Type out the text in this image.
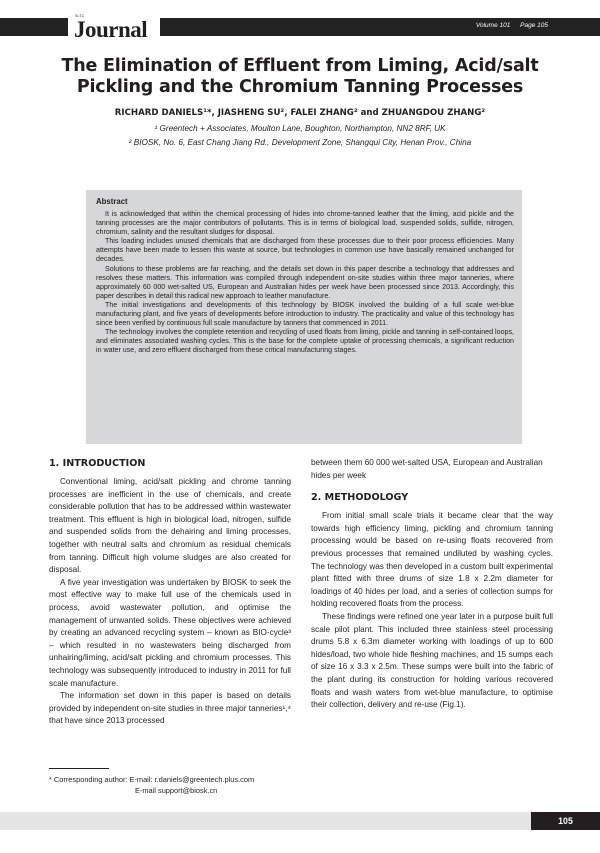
SLTC
Journal	Volume 101 Page 105
The Elimination of Effluent from Liming, Acid/salt Pickling and the Chromium Tanning Processes
RICHARD DANIELS¹*, JIASHENG SU², FALEI ZHANG² and ZHUANGDOU ZHANG²
¹ Greentech + Associates, Moulton Lane, Boughton, Northampton, NN2 8RF, UK
² BIOSK, No. 6, East Chang Jiang Rd., Development Zone, Shangqui City, Henan Prov., China
Abstract

It is acknowledged that within the chemical processing of hides into chrome-tanned leather that the liming, acid pickle and the tanning processes are the major contributors of pollutants. This is in terms of biological load, suspended solids, sulfide, nitrogen, chromium, salinity and the resultant sludges for disposal.

This loading includes unused chemicals that are discharged from these processes due to their poor process efficiencies. Many attempts have been made to lessen this waste at source, but technologies in common use have basically remained unchanged for decades.

Solutions to these problems are far reaching, and the details set down in this paper describe a technology that addresses and resolves these matters. This information was compiled through independent on-site studies within three major tanneries, where approximately 60 000 wet-salted US, European and Australian hides per week have been processed since 2013. Accordingly, this paper describes in detail this radical new approach to leather manufacture.

The initial investigations and developments of this technology by BIOSK involved the building of a full scale wet-blue manufacturing plant, and five years of developments before introduction to industry. The practicality and value of this technology has since been verified by continuous full scale manufacture by tanners that commenced in 2011.

The technology involves the complete retention and recycling of used floats from liming, pickle and tanning in self-contained loops, and eliminates associated washing cycles. This is the base for the complete uptake of processing chemicals, a significant reduction in water use, and zero effluent discharged from these critical manufacturing stages.

1. INTRODUCTION

Conventional liming, acid/salt pickling and chrome tanning processes are inefficient in the use of chemicals, and create considerable pollution that has to be addressed within wastewater treatment. This effluent is high in biological load, nitrogen, sulfide and suspended solids from the dehairing and liming processes, together with neutral salts and chromium as residual chemicals from tanning. Difficult high volume sludges are also created for disposal.

A five year investigation was undertaken by BIOSK to seek the most effective way to make full use of the chemicals used in process, avoid wastewater pollution, and optimise the management of unwanted solids. These objectives were achieved by creating an advanced recycling system – known as BIO-cycle³ – which resulted in no wastewaters being discharged from unhairing/liming, acid/salt pickling and chromium processes. This technology was subsequently introduced to industry in 2011 for full scale manufacture.

The information set down in this paper is based on details provided by independent on-site studies in three major tanneries¹,⁴ that have since 2013 processed

between them 60 000 wet-salted USA, European and Australian hides per week

2. METHODOLOGY

From initial small scale trials it became clear that the way towards high efficiency liming, pickling and chromium tanning processing would be based on re-using floats recovered from previous processes that remained undiluted by washing cycles. The technology was then developed in a custom built experimental plant fitted with three drums of size 1.8 x 2.2m diameter for loadings of 40 hides per load, and a series of collection sumps for holding recovered floats from the process.

These findings were refined one year later in a purpose built full scale pilot plant. This included three stainless steel processing drums 5.8 x 6.3m diameter working with loadings of up to 600 hides/load, two whole hide fleshing machines, and 15 sumps each of size 16 x 3.3 x 2.5m. These sumps were built into the fabric of the plant during its construction for holding various recovered floats and wash waters from wet-blue manufacture, to optimise their collection, delivery and re-use (Fig.1).

* Corresponding author: E-mail: r.daniels@greentech.plus.com
E-mail support@biosk.cn
105
